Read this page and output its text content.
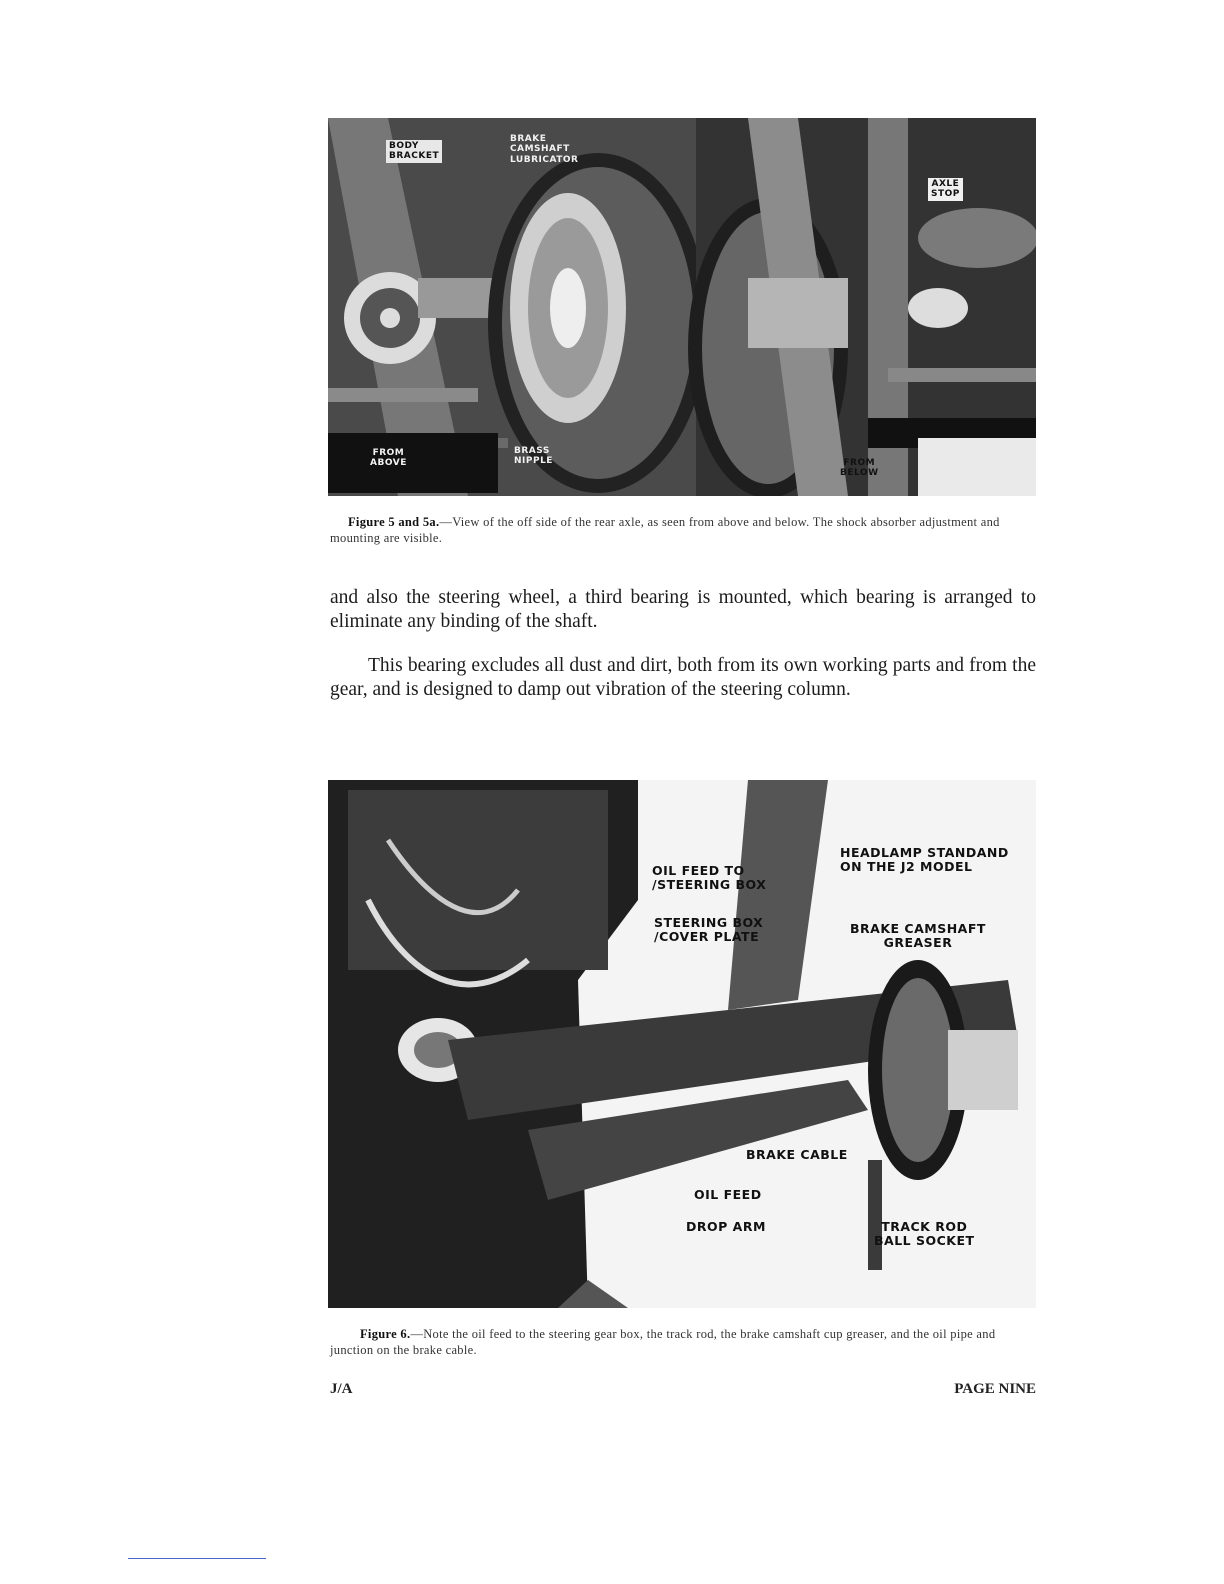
BODY
BRACKET
BRAKE
CAMSHAFT
LUBRICATOR
AXLE
STOP
FROM
ABOVE
BRASS
NIPPLE	FROM
BELOW
Figure 5 and 5a.—View of the off side of the rear axle, as seen from above and below. The shock absorber adjustment and mounting are visible.

and also the steering wheel, a third bearing is mounted, which bearing is arranged to eliminate any binding of the shaft.

This bearing excludes all dust and dirt, both from its own working parts and from the gear, and is designed to damp out vibration of the steering column.

OIL FEED TO
/STEERING BOX
STEERING BOX
/COVER PLATE
HEADLAMP STANDAND
ON THE J2 MODEL
BRAKE CAMSHAFT
GREASER
BRAKE CABLE
OIL FEED
DROP ARM	TRACK ROD
BALL SOCKET
Figure 6.—Note the oil feed to the steering gear box, the track rod, the brake camshaft cup greaser, and the oil pipe and junction on the brake cable.
J/A	PAGE NINE
